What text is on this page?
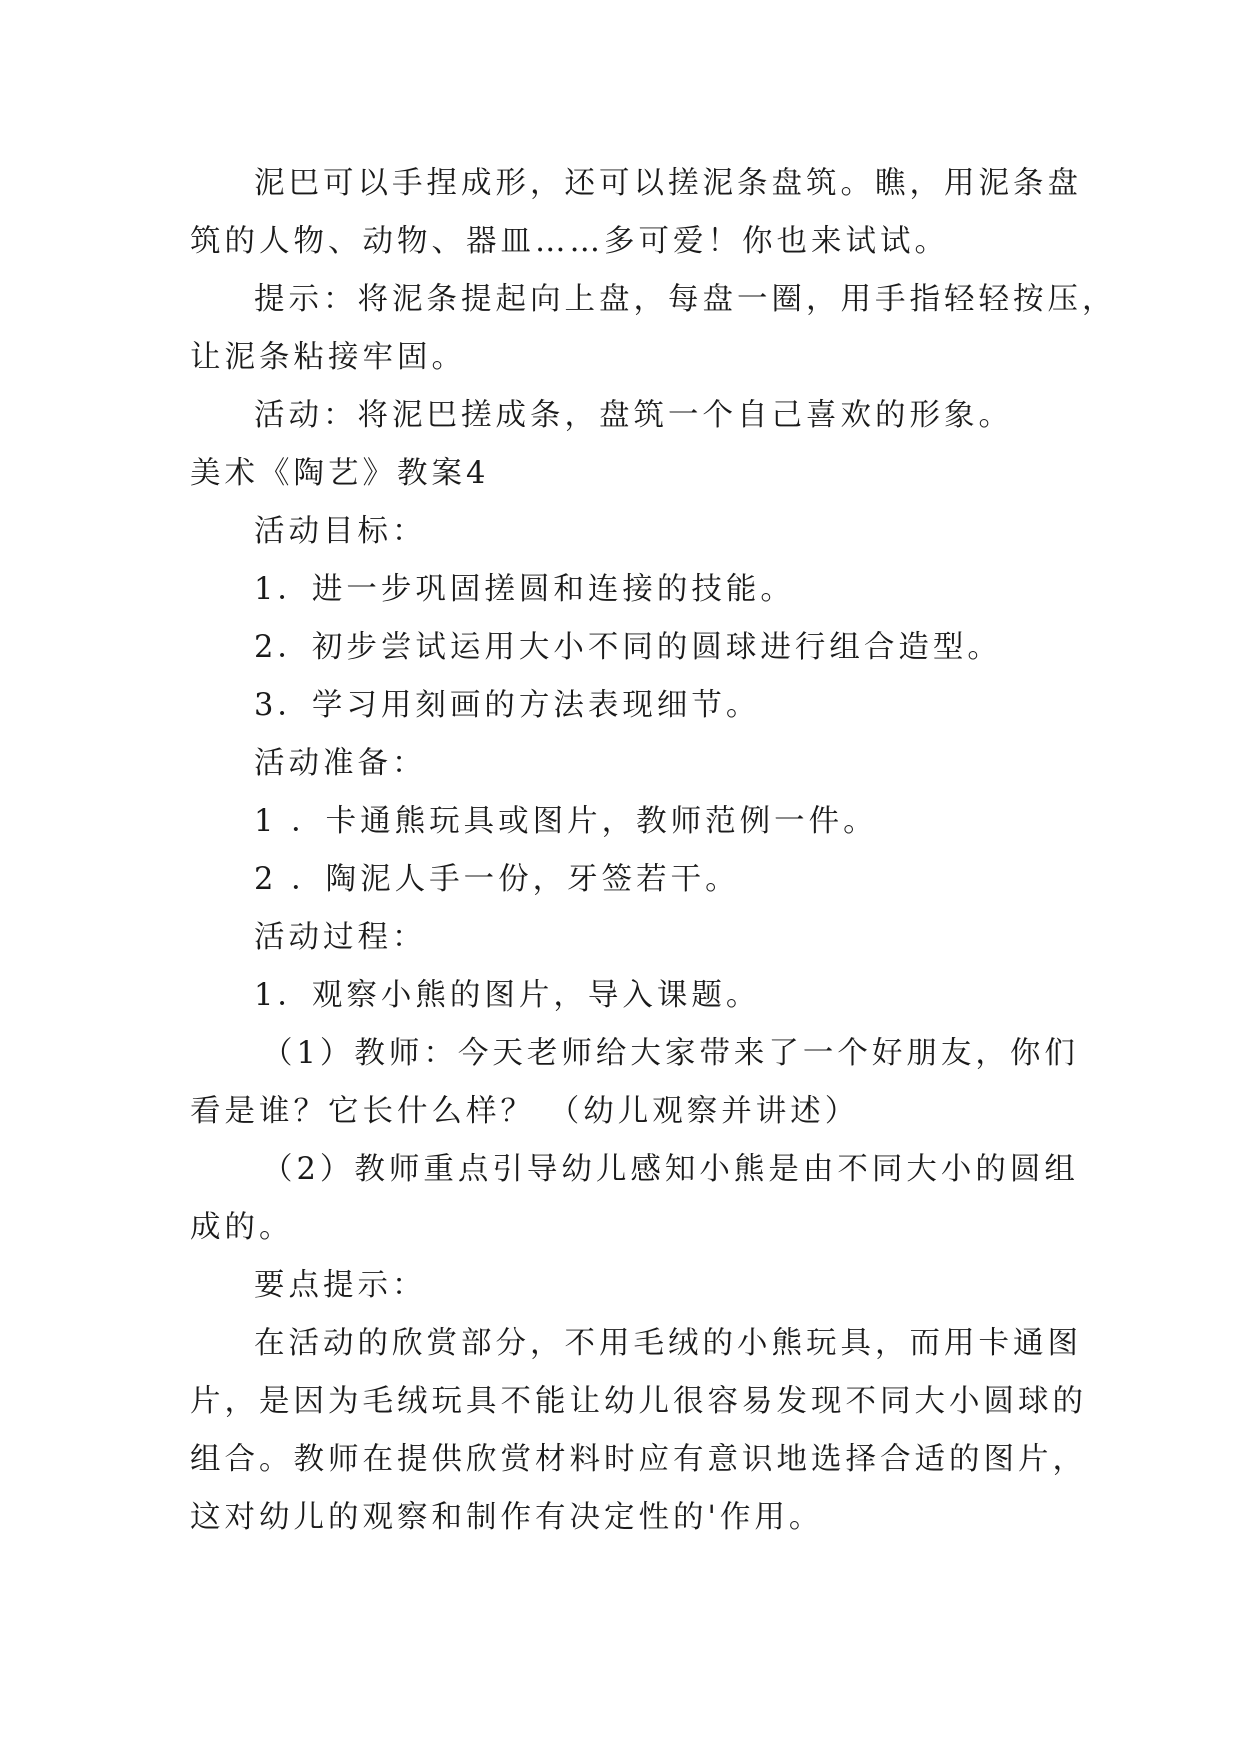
泥巴可以手捏成形，还可以搓泥条盘筑。瞧，用泥条盘
筑的人物、动物、器皿……多可爱！你也来试试。
提示：将泥条提起向上盘，每盘一圈，用手指轻轻按压，
让泥条粘接牢固。
活动：将泥巴搓成条，盘筑一个自己喜欢的形象。
美术《陶艺》教案4
活动目标：
1．进一步巩固搓圆和连接的技能。
2．初步尝试运用大小不同的圆球进行组合造型。
3．学习用刻画的方法表现细节。
活动准备：
1 ．卡通熊玩具或图片，教师范例一件。
2 ．陶泥人手一份，牙签若干。
活动过程：
1．观察小熊的图片，导入课题。
（1）教师：今天老师给大家带来了一个好朋友，你们
看是谁？它长什么样？ （幼儿观察并讲述）
（2）教师重点引导幼儿感知小熊是由不同大小的圆组
成的。
要点提示：
在活动的欣赏部分，不用毛绒的小熊玩具，而用卡通图
片，是因为毛绒玩具不能让幼儿很容易发现不同大小圆球的
组合。教师在提供欣赏材料时应有意识地选择合适的图片，
这对幼儿的观察和制作有决定性的'作用。
